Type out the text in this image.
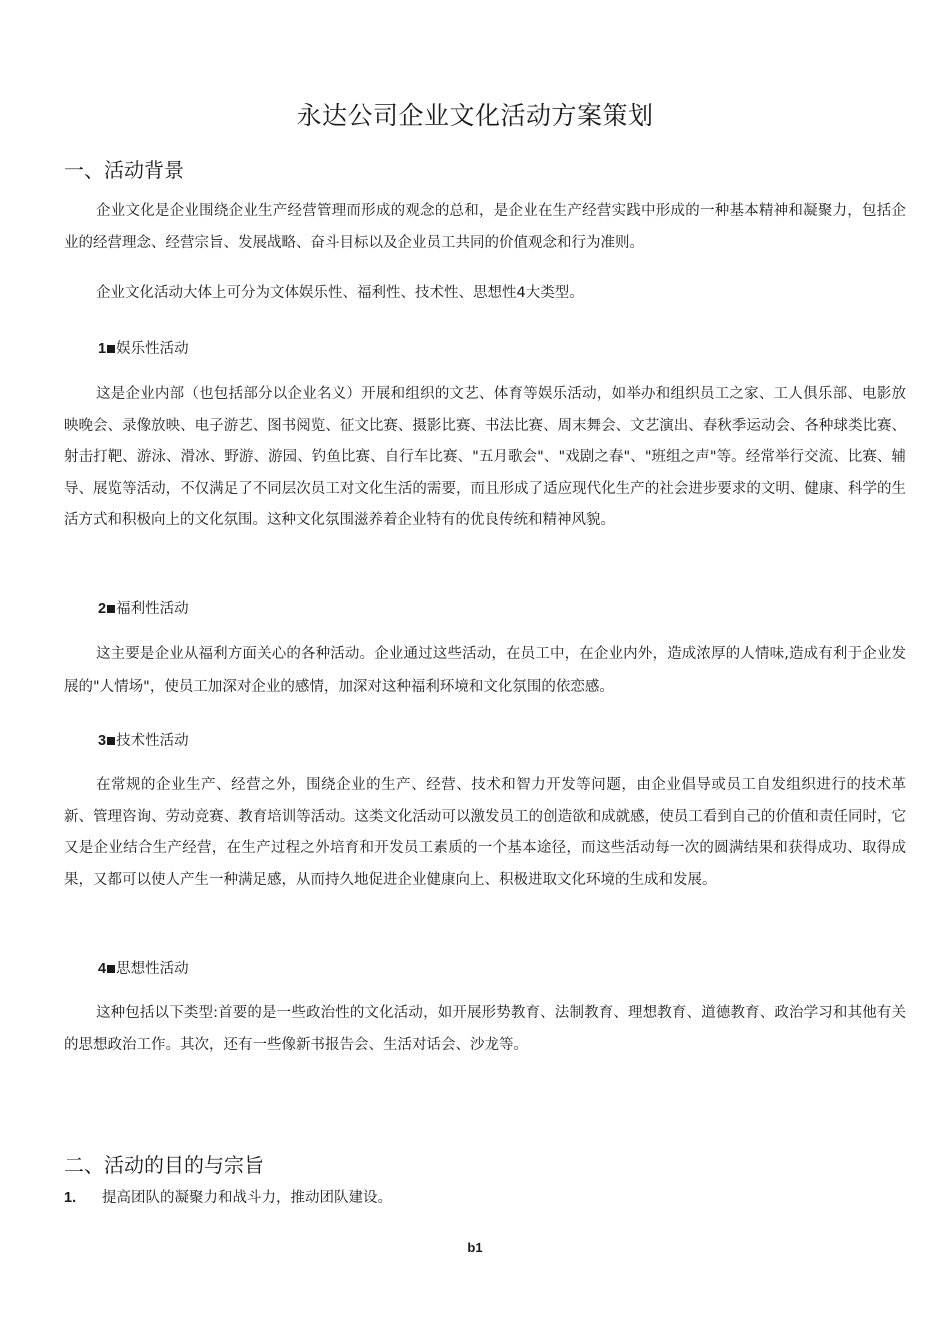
永达公司企业文化活动方案策划
一、活动背景

企业文化是企业围绕企业生产经营管理而形成的观念的总和，是企业在生产经营实践中形成的一种基本精神和凝聚力，包括企业的经营理念、经营宗旨、发展战略、奋斗目标以及企业员工共同的价值观念和行为准则。

企业文化活动大体上可分为文体娱乐性、福利性、技术性、思想性4大类型。

1 娱乐性活动

这是企业内部（也包括部分以企业名义）开展和组织的文艺、体育等娱乐活动，如举办和组织员工之家、工人俱乐部、电影放映晚会、录像放映、电子游艺、图书阅览、征文比赛、摄影比赛、书法比赛、周末舞会、文艺演出、春秋季运动会、各种球类比赛、射击打靶、游泳、滑冰、野游、游园、钓鱼比赛、自行车比赛、"五月歌会"、"戏剧之春"、"班组之声"等。经常举行交流、比赛、辅导、展览等活动，不仅满足了不同层次员工对文化生活的需要，而且形成了适应现代化生产的社会进步要求的文明、健康、科学的生活方式和积极向上的文化氛围。这种文化氛围滋养着企业特有的优良传统和精神风貌。

2 福利性活动

这主要是企业从福利方面关心的各种活动。企业通过这些活动，在员工中，在企业内外，造成浓厚的人情味,造成有利于企业发展的"人情场"，使员工加深对企业的感情，加深对这种福利环境和文化氛围的依恋感。

3 技术性活动

在常规的企业生产、经营之外，围绕企业的生产、经营、技术和智力开发等问题，由企业倡导或员工自发组织进行的技术革新、管理咨询、劳动竞赛、教育培训等活动。这类文化活动可以激发员工的创造欲和成就感，使员工看到自己的价值和责任同时，它又是企业结合生产经营，在生产过程之外培育和开发员工素质的一个基本途径，而这些活动每一次的圆满结果和获得成功、取得成果，又都可以使人产生一种满足感，从而持久地促进企业健康向上、积极进取文化环境的生成和发展。

4 思想性活动

这种包括以下类型:首要的是一些政治性的文化活动，如开展形势教育、法制教育、理想教育、道德教育、政治学习和其他有关的思想政治工作。其次，还有一些像新书报告会、生活对话会、沙龙等。

二、活动的目的与宗旨
1. 提高团队的凝聚力和战斗力，推动团队建设。
b1
